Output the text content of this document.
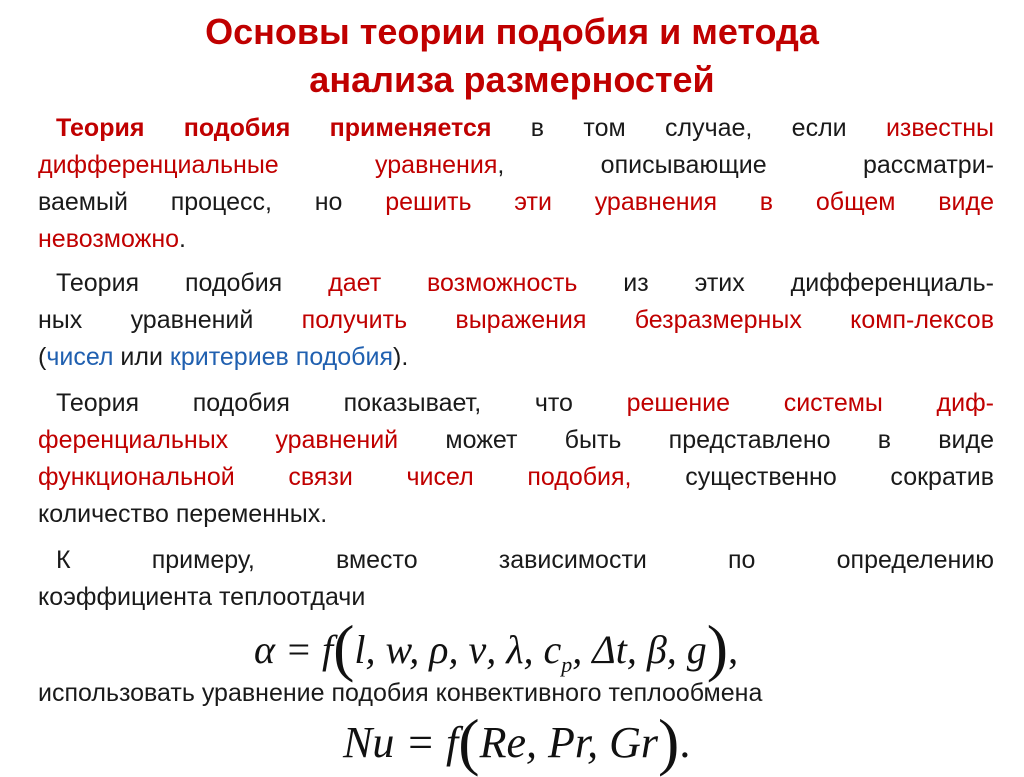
Основы теории подобия и метода
анализа размерностей
Теория подобия применяется в том случае, если известны
дифференциальные уравнения, описывающие рассматри-
ваемый процесс, но решить эти уравнения в общем виде
невозможно.
Теория подобия дает возможность из этих дифференциаль-
ных уравнений получить выражения безразмерных комп-лексов
(чисел или критериев подобия).
Теория подобия показывает, что решение системы диф-
ференциальных уравнений может быть представлено в виде
функциональной связи чисел подобия, существенно сократив
количество переменных.
К примеру, вместо зависимости по определению
коэффициента теплоотдачи
α = f(l, w, ρ, ν, λ, $c_p$, Δt, β, g),
использовать уравнение подобия конвективного теплообмена
Nu = f(Re, Pr, Gr).
